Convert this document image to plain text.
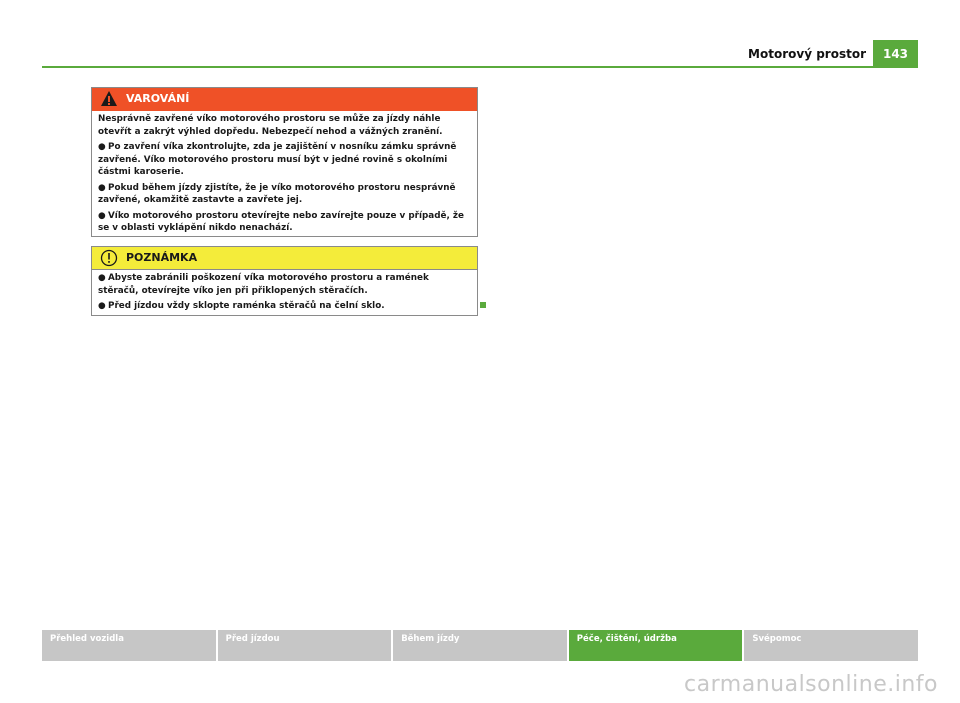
Motorový prostor	143
VAROVÁNÍ

Nesprávně zavřené víko motorového prostoru se může za jízdy náhle otevřít a zakrýt výhled dopředu. Nebezpečí nehod a vážných zranění.

● Po zavření víka zkontrolujte, zda je zajištění v nosníku zámku správně zavřené. Víko motorového prostoru musí být v jedné rovině s okolními částmi karoserie.

● Pokud během jízdy zjistíte, že je víko motorového prostoru nesprávně zavřené, okamžitě zastavte a zavřete jej.

● Víko motorového prostoru otevírejte nebo zavírejte pouze v případě, že se v oblasti vyklápění nikdo nenachází.

POZNÁMKA

● Abyste zabránili poškození víka motorového prostoru a ramének stěračů, otevírejte víko jen při přiklopených stěračích.

● Před jízdou vždy sklopte raménka stěračů na čelní sklo.

Přehled vozidla	Před jízdou	Během jízdy	Péče, čištění, údržba	Svépomoc
carmanualsonline.info
